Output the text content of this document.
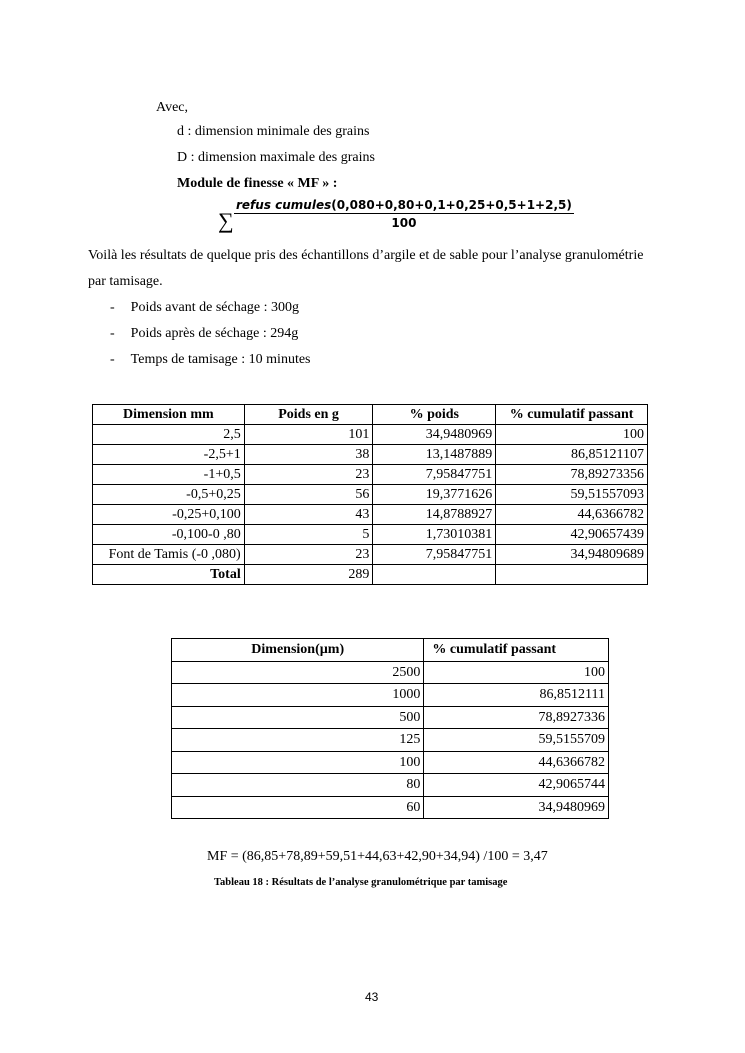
Avec,
d : dimension minimale des grains
D : dimension maximale des grains
Module de finesse « MF » :
∑
refus cumules(0,080+0,80+0,1+0,25+0,5+1+2,5)
100
Voilà les résultats de quelque pris des échantillons d’argile et de sable pour l’analyse granulométrie
par tamisage.
- Poids avant de séchage : 300g
- Poids après de séchage : 294g
- Temps de tamisage : 10 minutes
Dimension mm	Poids en g	% poids	% cumulatif passant
2,5	101	34,9480969	100
-2,5+1	38	13,1487889	86,85121107
-1+0,5	23	7,95847751	78,89273356
-0,5+0,25	56	19,3771626	59,51557093
-0,25+0,100	43	14,8788927	44,6366782
-0,100-0 ,80	5	1,73010381	42,90657439
Font de Tamis (-0 ,080)	23	7,95847751	34,94809689
Total	289		
Dimension(µm)	% cumulatif passant
2500	100
1000	86,8512111
500	78,8927336
125	59,5155709
100	44,6366782
80	42,9065744
60	34,9480969
MF = (86,85+78,89+59,51+44,63+42,90+34,94) /100 = 3,47
Tableau 18 : Résultats de l’analyse granulométrique par tamisage
43
